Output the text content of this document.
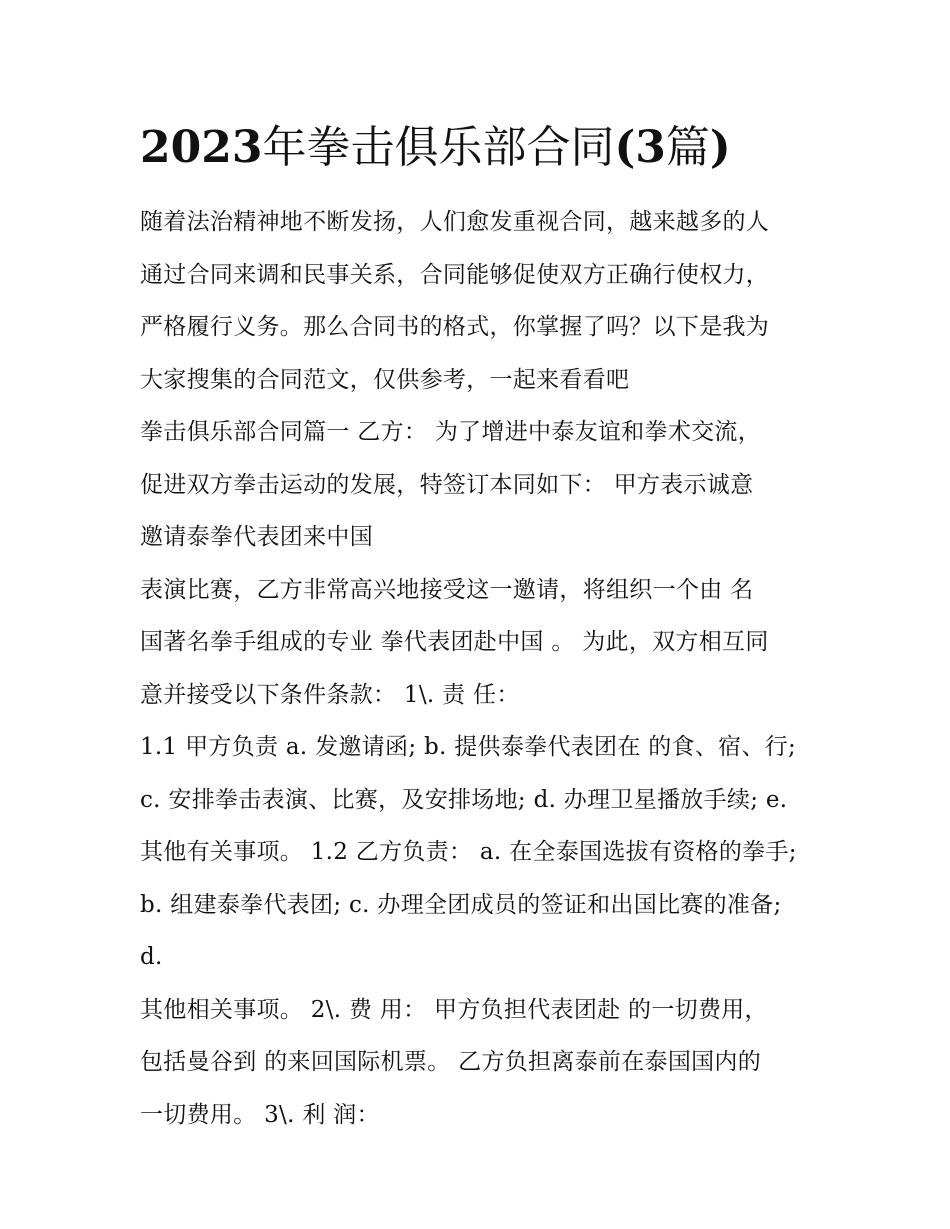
2023年拳击俱乐部合同(3篇)
随着法治精神地不断发扬，人们愈发重视合同，越来越多的人
通过合同来调和民事关系，合同能够促使双方正确行使权力，
严格履行义务。那么合同书的格式，你掌握了吗？以下是我为
大家搜集的合同范文，仅供参考，一起来看看吧
拳击俱乐部合同篇一 乙方： 为了增进中泰友谊和拳术交流，
促进双方拳击运动的发展，特签订本同如下： 甲方表示诚意
邀请泰拳代表团来中国
表演比赛，乙方非常高兴地接受这一邀请，将组织一个由 名
国著名拳手组成的专业 拳代表团赴中国 。 为此，双方相互同
意并接受以下条件条款： 1\. 责 任：
1.1 甲方负责 a. 发邀请函; b. 提供泰拳代表团在 的食、宿、行;
c. 安排拳击表演、比赛，及安排场地; d. 办理卫星播放手续; e.
其他有关事项。 1.2 乙方负责： a. 在全泰国选拔有资格的拳手;
b. 组建泰拳代表团; c. 办理全团成员的签证和出国比赛的准备;
d.
其他相关事项。 2\. 费 用： 甲方负担代表团赴 的一切费用，
包括曼谷到 的来回国际机票。 乙方负担离泰前在泰国国内的
一切费用。 3\. 利 润：
